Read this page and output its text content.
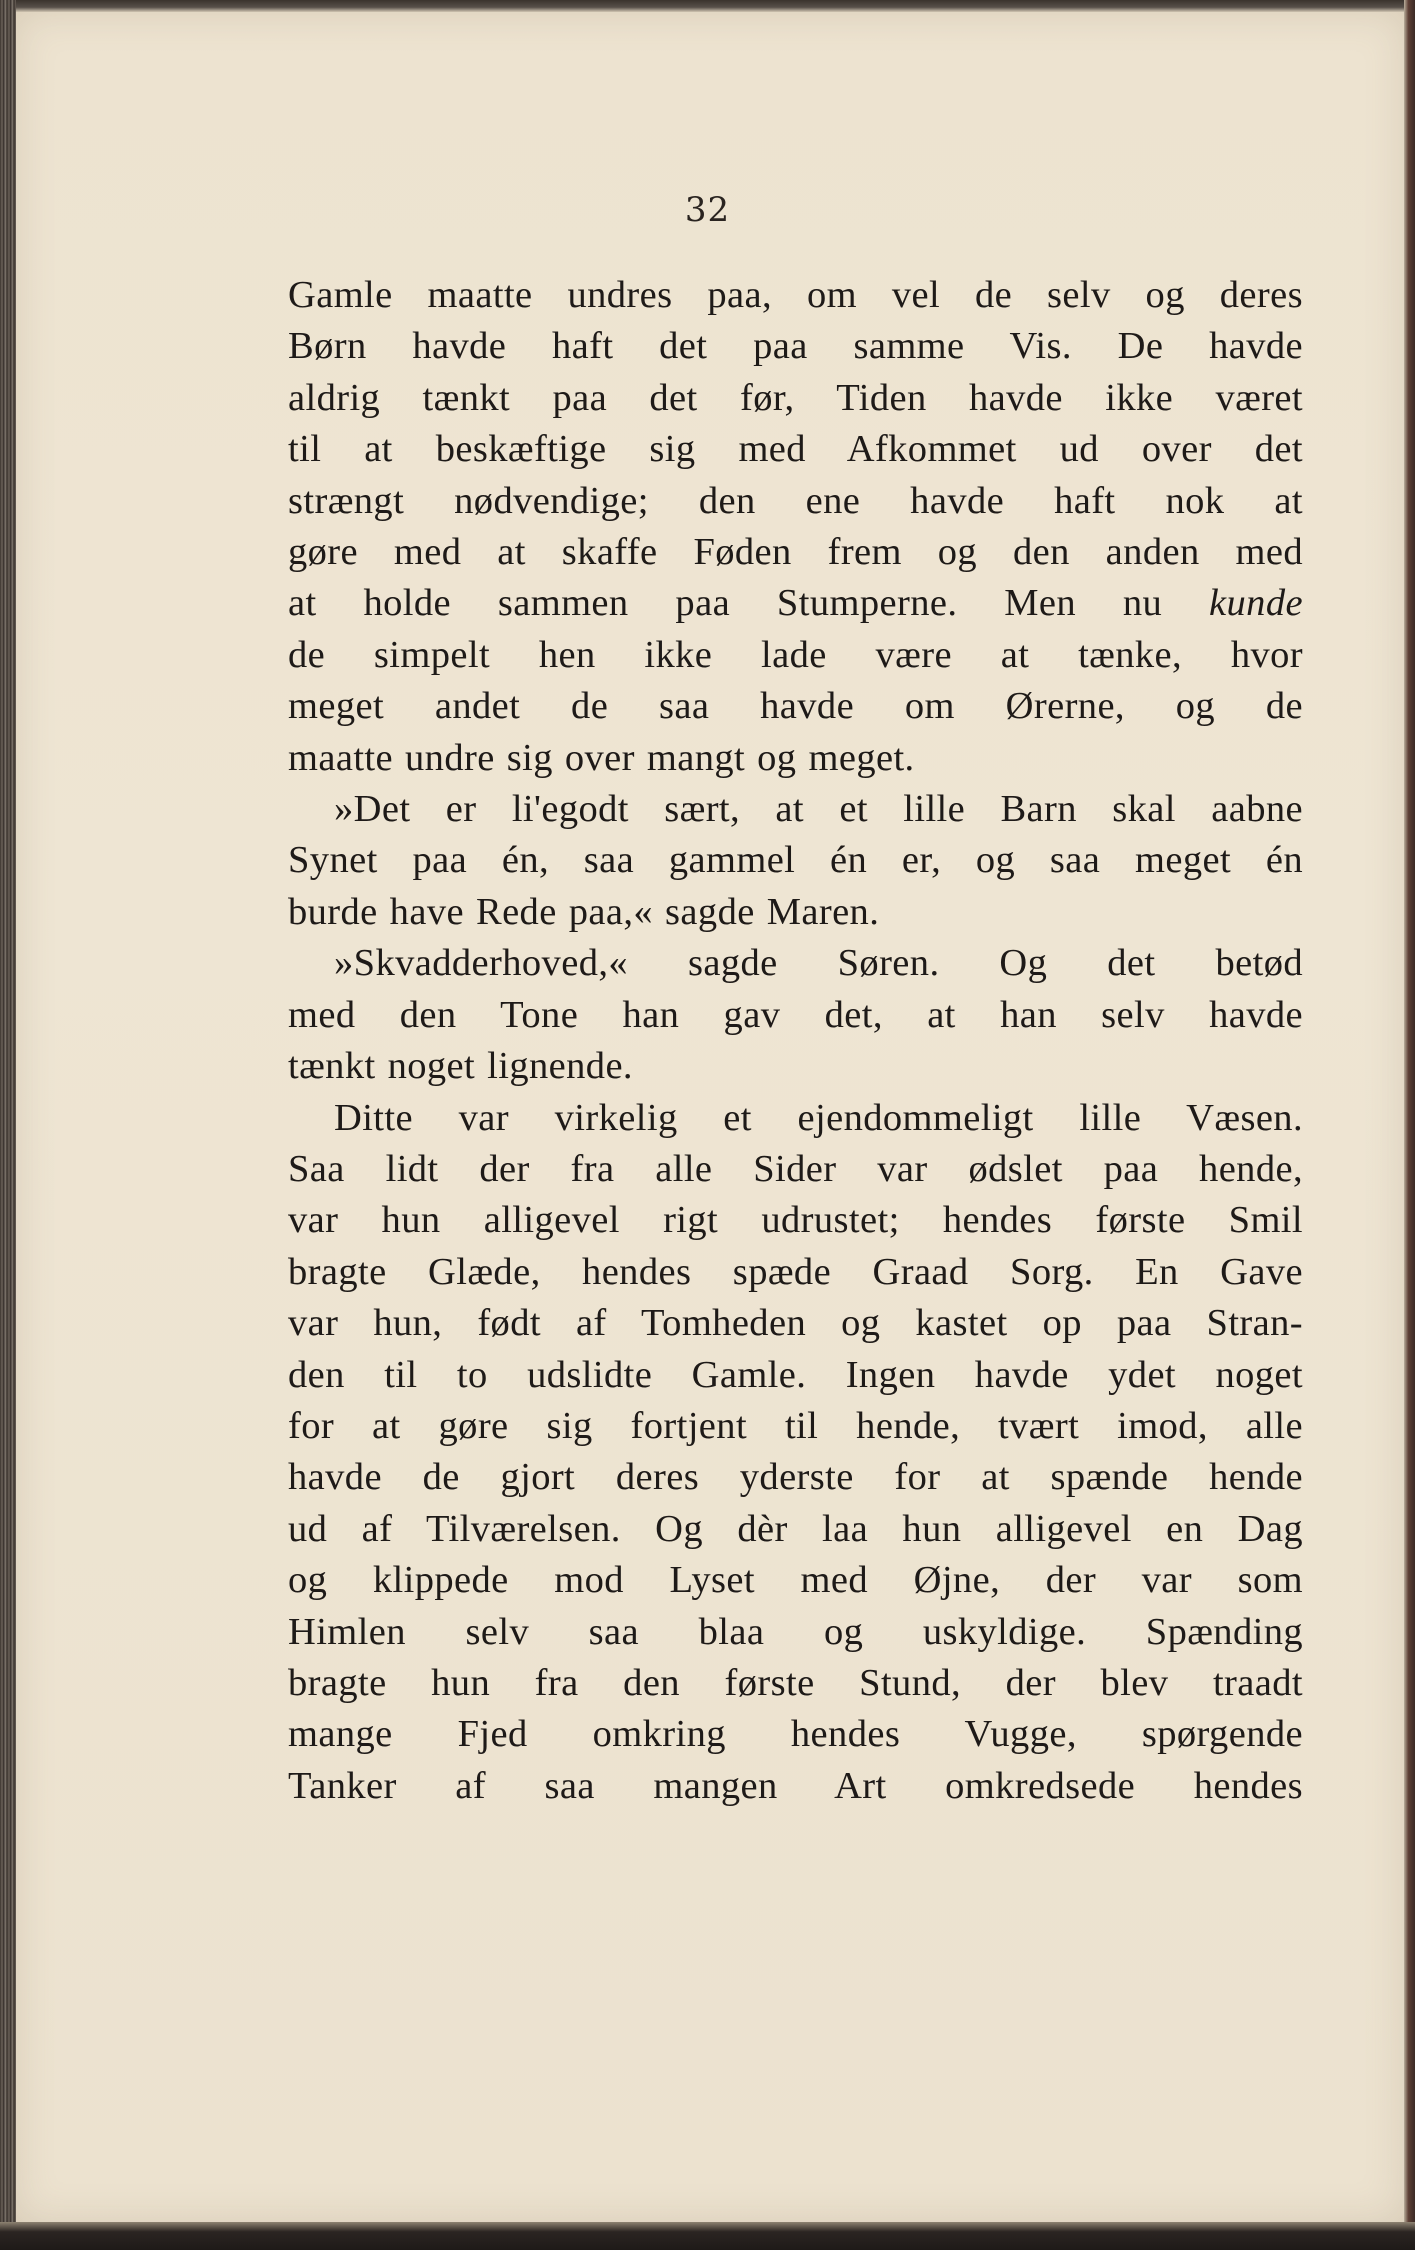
32
Gamle maatte undres paa, om vel de selv og deres
Børn havde haft det paa samme Vis. De havde
aldrig tænkt paa det før, Tiden havde ikke været
til at beskæftige sig med Afkommet ud over det
strængt nødvendige; den ene havde haft nok at
gøre med at skaffe Føden frem og den anden med
at holde sammen paa Stumperne. Men nu kunde
de simpelt hen ikke lade være at tænke, hvor
meget andet de saa havde om Ørerne, og de
maatte undre sig over mangt og meget.
»Det er li'egodt sært, at et lille Barn skal aabne
Synet paa én, saa gammel én er, og saa meget én
burde have Rede paa,« sagde Maren.
»Skvadderhoved,« sagde Søren. Og det betød
med den Tone han gav det, at han selv havde
tænkt noget lignende.
Ditte var virkelig et ejendommeligt lille Væsen.
Saa lidt der fra alle Sider var ødslet paa hende,
var hun alligevel rigt udrustet; hendes første Smil
bragte Glæde, hendes spæde Graad Sorg. En Gave
var hun, født af Tomheden og kastet op paa Stran-
den til to udslidte Gamle. Ingen havde ydet noget
for at gøre sig fortjent til hende, tvært imod, alle
havde de gjort deres yderste for at spænde hende
ud af Tilværelsen. Og dèr laa hun alligevel en Dag
og klippede mod Lyset med Øjne, der var som
Himlen selv saa blaa og uskyldige. Spænding
bragte hun fra den første Stund, der blev traadt
mange Fjed omkring hendes Vugge, spørgende
Tanker af saa mangen Art omkredsede hendes
